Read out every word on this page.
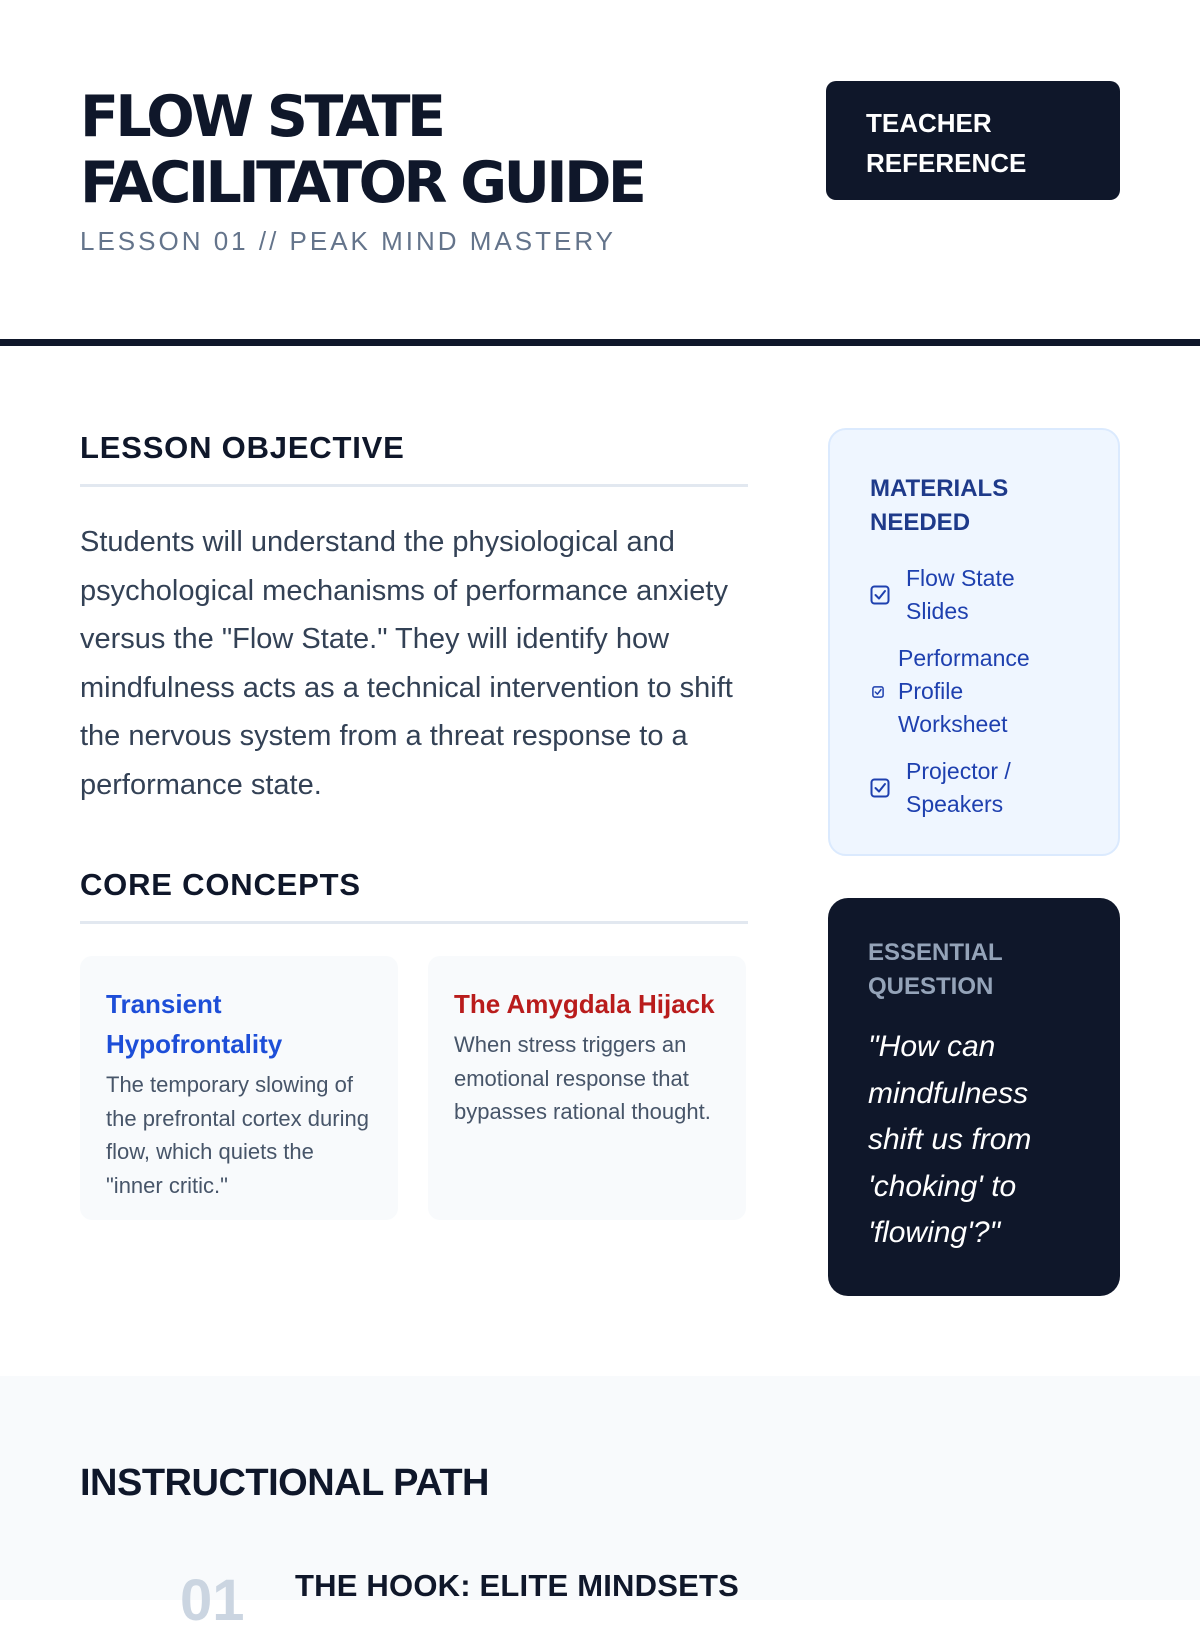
FLOW STATE
FACILITATOR GUIDE
LESSON 01 // PEAK MIND MASTERY
TEACHER
REFERENCE
LESSON OBJECTIVE
Students will understand the physiological and psychological mechanisms of performance anxiety versus the "Flow State." They will identify how mindfulness acts as a technical intervention to shift the nervous system from a threat response to a performance state.
MATERIALS NEEDED
Flow State Slides
Performance Profile Worksheet
Projector / Speakers
CORE CONCEPTS
Transient Hypofrontality
The temporary slowing of the prefrontal cortex during flow, which quiets the "inner critic."
The Amygdala Hijack
When stress triggers an emotional response that bypasses rational thought.
ESSENTIAL QUESTION
"How can mindfulness shift us from 'choking' to 'flowing'?"
INSTRUCTIONAL PATH
01 THE HOOK: ELITE MINDSETS
